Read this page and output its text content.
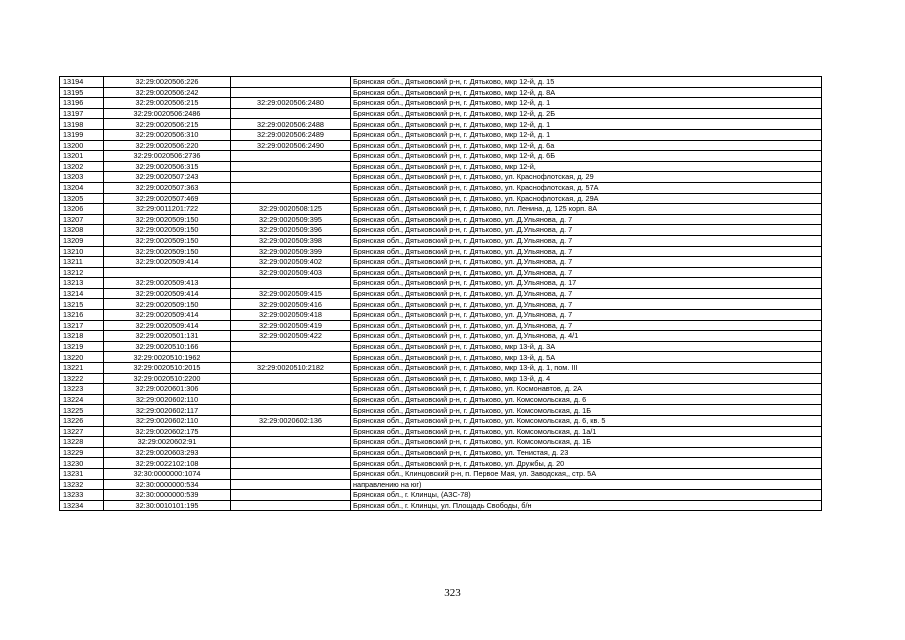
13194	32:29:0020506:226		Брянская обл., Дятьковский р-н, г. Дятьково, мкр 12-й, д. 15
13195	32:29:0020506:242		Брянская обл., Дятьковский р-н, г. Дятьково, мкр 12-й, д. 8А
13196	32:29:0020506:215	32:29:0020506:2480	Брянская обл., Дятьковский р-н, г. Дятьково, мкр 12-й, д. 1
13197	32:29:0020506:2486		Брянская обл., Дятьковский р-н, г. Дятьково, мкр 12-й, д. 2Б
13198	32:29:0020506:215	32:29:0020506:2488	Брянская обл., Дятьковский р-н, г. Дятьково, мкр 12-й, д. 1
13199	32:29:0020506:310	32:29:0020506:2489	Брянская обл., Дятьковский р-н, г. Дятьково, мкр 12-й, д. 1
13200	32:29:0020506:220	32:29:0020506:2490	Брянская обл., Дятьковский р-н, г. Дятьково, мкр 12-й, д. 6а
13201	32:29:0020506:2736		Брянская обл., Дятьковский р-н, г. Дятьково, мкр 12-й, д. 6Б
13202	32:29:0020506:315		Брянская обл., Дятьковский р-н, г. Дятьково, мкр 12-й,
13203	32:29:0020507:243		Брянская обл., Дятьковский р-н, г. Дятьково, ул. Краснофлотская, д. 29
13204	32:29:0020507:363		Брянская обл., Дятьковский р-н, г. Дятьково, ул. Краснофлотская, д. 57А
13205	32:29:0020507:469		Брянская обл., Дятьковский р-н, г. Дятьково, ул. Краснофлотская, д. 29А
13206	32:29:0011201:722	32:29:0020508:125	Брянская обл., Дятьковский р-н, г. Дятьково, пл. Ленина, д. 125 корп. 8А
13207	32:29:0020509:150	32:29:0020509:395	Брянская обл., Дятьковский р-н, г. Дятьково, ул. Д.Ульянова, д. 7
13208	32:29:0020509:150	32:29:0020509:396	Брянская обл., Дятьковский р-н, г. Дятьково, ул. Д.Ульянова, д. 7
13209	32:29:0020509:150	32:29:0020509:398	Брянская обл., Дятьковский р-н, г. Дятьково, ул. Д.Ульянова, д. 7
13210	32:29:0020509:150	32:29:0020509:399	Брянская обл., Дятьковский р-н, г. Дятьково, ул. Д.Ульянова, д. 7
13211	32:29:0020509:414	32:29:0020509:402	Брянская обл., Дятьковский р-н, г. Дятьково, ул. Д.Ульянова, д. 7
13212		32:29:0020509:403	Брянская обл., Дятьковский р-н, г. Дятьково, ул. Д.Ульянова, д. 7
13213	32:29:0020509:413		Брянская обл., Дятьковский р-н, г. Дятьково, ул. Д.Ульянова, д. 17
13214	32:29:0020509:414	32:29:0020509:415	Брянская обл., Дятьковский р-н, г. Дятьково, ул. Д.Ульянова, д. 7
13215	32:29:0020509:150	32:29:0020509:416	Брянская обл., Дятьковский р-н, г. Дятьково, ул. Д.Ульянова, д. 7
13216	32:29:0020509:414	32:29:0020509:418	Брянская обл., Дятьковский р-н, г. Дятьково, ул. Д.Ульянова, д. 7
13217	32:29:0020509:414	32:29:0020509:419	Брянская обл., Дятьковский р-н, г. Дятьково, ул. Д.Ульянова, д. 7
13218	32:29:0020501:131	32:29:0020509:422	Брянская обл., Дятьковский р-н, г. Дятьково, ул. Д.Ульянова, д. 4/1
13219	32:29:0020510:166		Брянская обл., Дятьковский р-н, г. Дятьково, мкр 13-й, д. 3А
13220	32:29:0020510:1962		Брянская обл., Дятьковский р-н, г. Дятьково, мкр 13-й, д. 5А
13221	32:29:0020510:2015	32:29:0020510:2182	Брянская обл., Дятьковский р-н, г. Дятьково, мкр 13-й, д. 1, пом. III
13222	32:29:0020510:2200		Брянская обл., Дятьковский р-н, г. Дятьково, мкр 13-й, д. 4
13223	32:29:0020601:306		Брянская обл., Дятьковский р-н, г. Дятьково, ул. Космонавтов, д. 2А
13224	32:29:0020602:110		Брянская обл., Дятьковский р-н, г. Дятьково, ул. Комсомольская, д. 6
13225	32:29:0020602:117		Брянская обл., Дятьковский р-н, г. Дятьково, ул. Комсомольская, д. 1Б
13226	32:29:0020602:110	32:29:0020602:136	Брянская обл., Дятьковский р-н, г. Дятьково, ул. Комсомольская, д. 6, кв. 5
13227	32:29:0020602:175		Брянская обл., Дятьковский р-н, г. Дятьково, ул. Комсомольская, д. 1а/1
13228	32:29:0020602:91		Брянская обл., Дятьковский р-н, г. Дятьково, ул. Комсомольская, д. 1Б
13229	32:29:0020603:293		Брянская обл., Дятьковский р-н, г. Дятьково, ул. Тенистая, д. 23
13230	32:29:0022102:108		Брянская обл., Дятьковский р-н, г. Дятьково, ул. Дружбы, д. 20
13231	32:30:0000000:1074		Брянская обл., Клинцовский р-н, п. Первое Мая, ул. Заводская,, стр. 5А
13232	32:30:0000000:534		направлению на юг)
13233	32:30:0000000:539		Брянская обл., г. Клинцы, (АЗС-78)
13234	32:30:0010101:195		Брянская обл., г. Клинцы, ул. Площадь Свободы, б/н
323
